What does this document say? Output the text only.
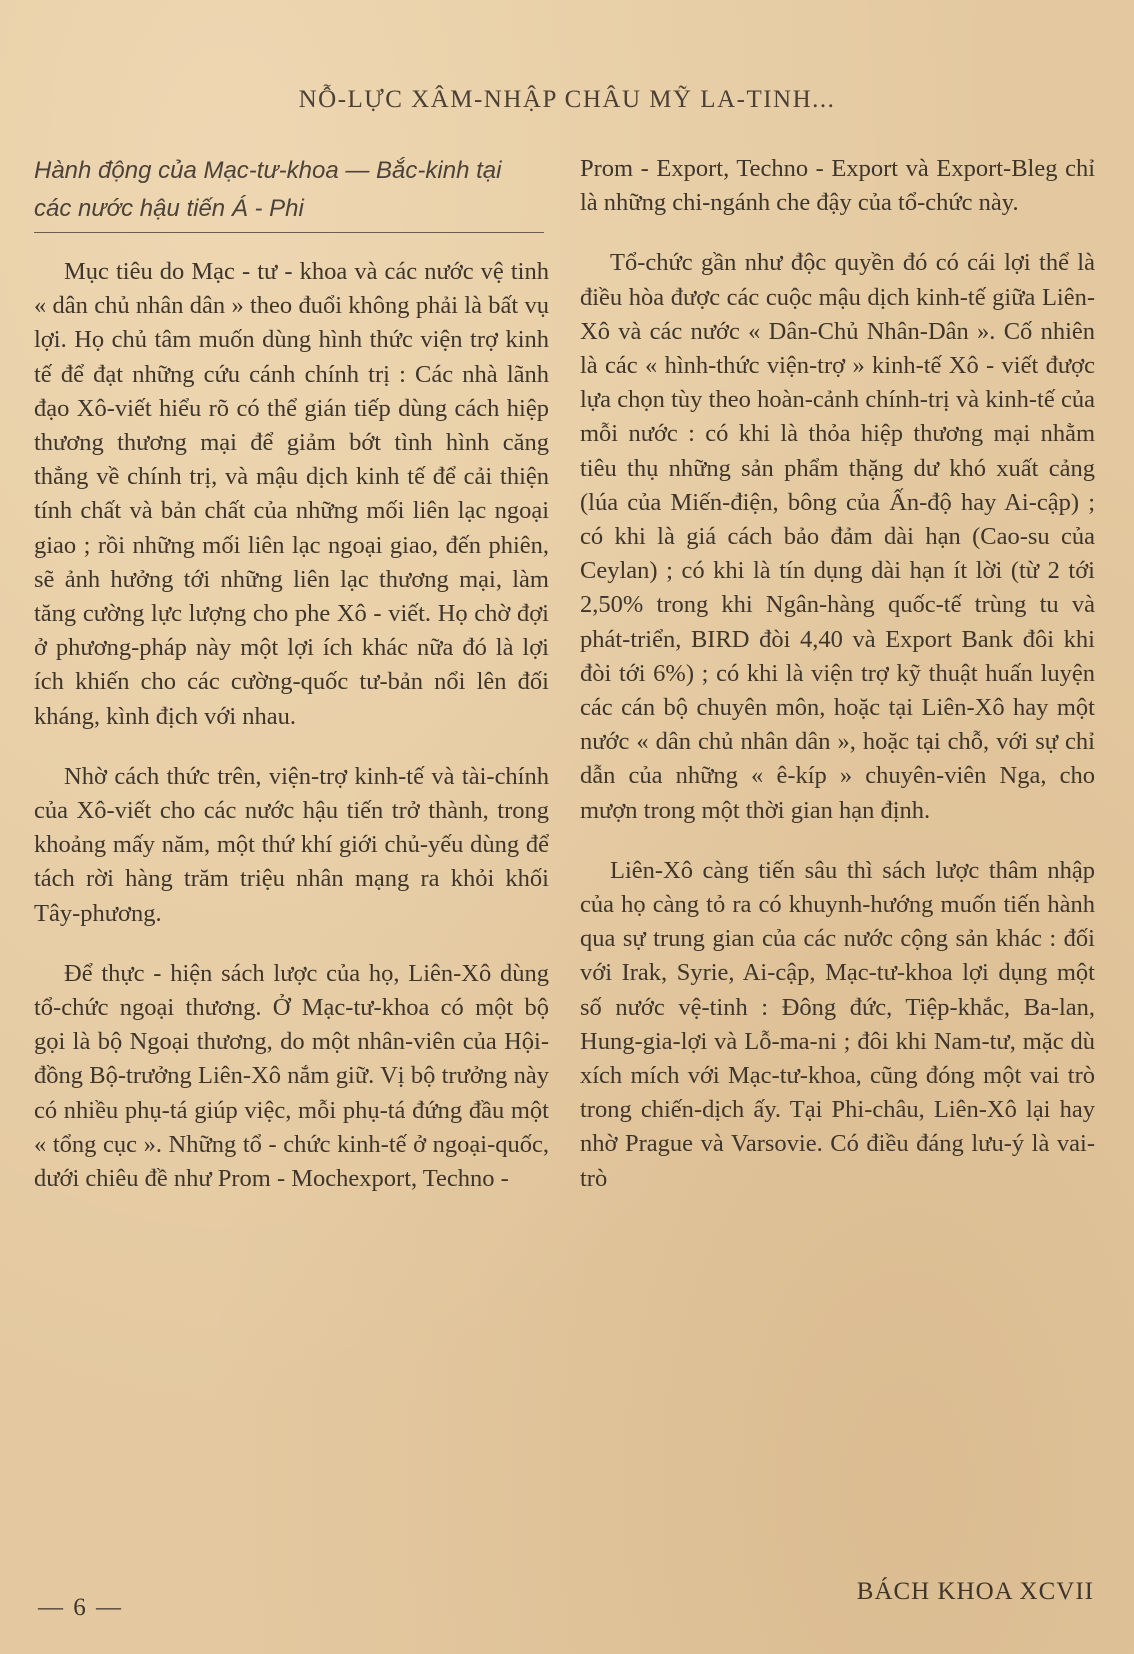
NỖ-LỰC XÂM-NHẬP CHÂU MỸ LA-TINH...
Hành động của Mạc-tư-khoa — Bắc-kinh tại các nước hậu tiến Á - Phi

Mục tiêu do Mạc - tư - khoa và các nước vệ tinh « dân chủ nhân dân » theo đuổi không phải là bất vụ lợi. Họ chủ tâm muốn dùng hình thức viện trợ kinh tế để đạt những cứu cánh chính trị : Các nhà lãnh đạo Xô-viết hiểu rõ có thể gián tiếp dùng cách hiệp thương thương mại để giảm bớt tình hình căng thẳng về chính trị, và mậu dịch kinh tế để cải thiện tính chất và bản chất của những mối liên lạc ngoại giao ; rồi những mối liên lạc ngoại giao, đến phiên, sẽ ảnh hưởng tới những liên lạc thương mại, làm tăng cường lực lượng cho phe Xô - viết. Họ chờ đợi ở phương-pháp này một lợi ích khác nữa đó là lợi ích khiến cho các cường-quốc tư-bản nổi lên đối kháng, kình địch với nhau.

Nhờ cách thức trên, viện-trợ kinh-tế và tài-chính của Xô-viết cho các nước hậu tiến trở thành, trong khoảng mấy năm, một thứ khí giới chủ-yếu dùng để tách rời hàng trăm triệu nhân mạng ra khỏi khối Tây-phương.

Để thực - hiện sách lược của họ, Liên-Xô dùng tổ-chức ngoại thương. Ở Mạc-tư-khoa có một bộ gọi là bộ Ngoại thương, do một nhân-viên của Hội-đồng Bộ-trưởng Liên-Xô nắm giữ. Vị bộ trưởng này có nhiều phụ-tá giúp việc, mỗi phụ-tá đứng đầu một « tổng cục ». Những tổ - chức kinh-tế ở ngoại-quốc, dưới chiêu đề như Prom - Mochexport, Techno -

Prom - Export, Techno - Export và Export-Bleg chỉ là những chi-ngánh che đậy của tổ-chức này.

Tổ-chức gần như độc quyền đó có cái lợi thể là điều hòa được các cuộc mậu dịch kinh-tế giữa Liên-Xô và các nước « Dân-Chủ Nhân-Dân ». Cố nhiên là các « hình-thức viện-trợ » kinh-tế Xô - viết được lựa chọn tùy theo hoàn-cảnh chính-trị và kinh-tế của mỗi nước : có khi là thỏa hiệp thương mại nhằm tiêu thụ những sản phẩm thặng dư khó xuất cảng (lúa của Miến-điện, bông của Ấn-độ hay Ai-cập) ; có khi là giá cách bảo đảm dài hạn (Cao-su của Ceylan) ; có khi là tín dụng dài hạn ít lời (từ 2 tới 2,50% trong khi Ngân-hàng quốc-tế trùng tu và phát-triển, BIRD đòi 4,40 và Export Bank đôi khi đòi tới 6%) ; có khi là viện trợ kỹ thuật huấn luyện các cán bộ chuyên môn, hoặc tại Liên-Xô hay một nước « dân chủ nhân dân », hoặc tại chỗ, với sự chỉ dẫn của những « ê-kíp » chuyên-viên Nga, cho mượn trong một thời gian hạn định.

Liên-Xô càng tiến sâu thì sách lược thâm nhập của họ càng tỏ ra có khuynh-hướng muốn tiến hành qua sự trung gian của các nước cộng sản khác : đối với Irak, Syrie, Ai-cập, Mạc-tư-khoa lợi dụng một số nước vệ-tinh : Đông đức, Tiệp-khắc, Ba-lan, Hung-gia-lợi và Lỗ-ma-ni ; đôi khi Nam-tư, mặc dù xích mích với Mạc-tư-khoa, cũng đóng một vai trò trong chiến-dịch ấy. Tại Phi-châu, Liên-Xô lại hay nhờ Prague và Varsovie. Có điều đáng lưu-ý là vai-trò

— 6 —
BÁCH KHOA XCVII
